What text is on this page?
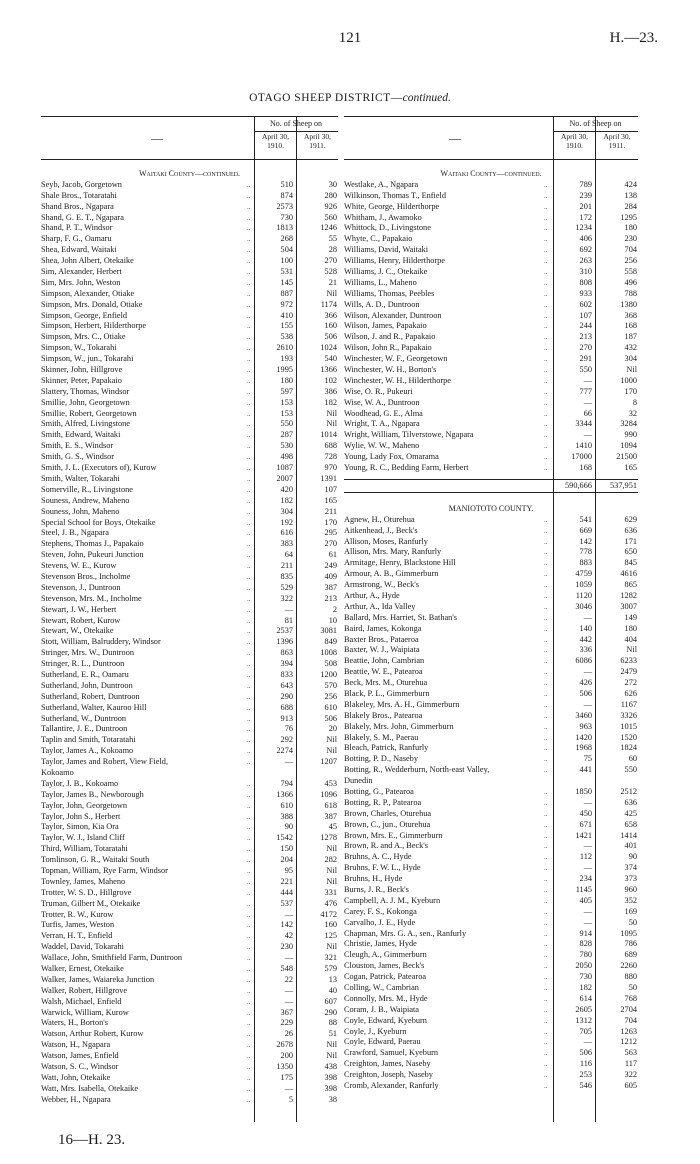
121	H.—23.
OTAGO SHEEP DISTRICT—continued.
—
No. of Sheep on
April 30, 1910.
April 30, 1911.
Waitaki County—continued.
Seyb, Jacob, Gorgetown	..	510	30
Shale Bros., Totaratahi	..	874	280
Shand Bros., Ngapara	..	2573	926
Shand, G. E. T., Ngapara	..	730	560
Shand, P. T., Windsor	..	1813	1246
Sharp, F. G., Oamaru	..	268	55
Shea, Edward, Waitaki	..	504	28
Shea, John Albert, Otekaike	..	100	270
Sim, Alexander, Herbert	..	531	528
Sim, Mrs. John, Weston	..	145	21
Simpson, Alexander, Otiake	..	887	Nil
Simpson, Mrs. Donald, Otiake	..	972	1174
Simpson, George, Enfield	..	410	366
Simpson, Herbert, Hilderthorpe	..	155	160
Simpson, Mrs. C., Otiake	..	538	506
Simpson, W., Tokarahi	..	2610	1024
Simpson, W., jun., Tokarahi	..	193	540
Skinner, John, Hillgrove	..	1995	1366
Skinner, Peter, Papakaio	..	180	102
Slattery, Thomas, Windsor	..	597	386
Smillie, John, Georgetown	..	153	182
Smillie, Robert, Georgetown	..	153	Nil
Smith, Alfred, Livingstone	..	550	Nil
Smith, Edward, Waitaki	..	287	1014
Smith, E. S., Windsor	..	530	688
Smith, G. S., Windsor	..	498	728
Smith, J. L. (Executors of), Kurow	..	1087	970
Smith, Walter, Tokarahi	..	2007	1391
Somerville, R., Livingstone	..	420	107
Souness, Andrew, Maheno	..	182	165
Souness, John, Maheno	..	304	211
Special School for Boys, Otekaike	..	192	170
Steel, J. B., Ngapara	..	616	295
Stephens, Thomas J., Papakaio	..	383	270
Steven, John, Pukeuri Junction	..	64	61
Stevens, W. E., Kurow	..	211	249
Stevenson Bros., Incholme	..	835	409
Stevenson, J., Duntroon	..	529	387
Stevenson, Mrs. M., Incholme	..	322	213
Stewart, J. W., Herbert	..	—	2
Stewart, Robert, Kurow	..	81	10
Stewart, W., Otekaike	..	2537	3081
Stott, William, Balruddery, Windsor	..	1396	849
Stringer, Mrs. W., Duntroon	..	863	1008
Stringer, R. L., Duntroon	..	394	508
Sutherland, E. R., Oamaru	..	833	1200
Sutherland, John, Duntroon	..	643	570
Sutherland, Robert, Duntroon	..	290	256
Sutherland, Walter, Kauroo Hill	..	688	610
Sutherland, W., Duntroon	..	913	506
Tallantire, J. E., Duntroon	..	76	20
Taplin and Smith, Totaratahi	..	292	Nil
Taylor, James A., Kokoamo	..	2274	Nil
Taylor, James and Robert, View Field,	..	—	1207
Kokoamo
Taylor, J. B., Kokoamo	..	794	453
Taylor, James B., Newborough	..	1366	1096
Taylor, John, Georgetown	..	610	618
Taylor, John S., Herbert	..	388	387
Taylor, Simon, Kia Ora	..	90	45
Taylor, W. J., Island Cliff	..	1542	1278
Third, William, Totaratahi	..	150	Nil
Tomlinson, G. R., Waitaki South	..	204	282
Topman, William, Rye Farm, Windsor	..	95	Nil
Townley, James, Maheno	..	221	Nil
Trotter, W. S. D., Hillgrove	..	444	331
Truman, Gilbert M., Otekaike	..	537	476
Trotter, R. W., Kurow	..	—	4172
Turfis, James, Weston	..	142	160
Verran, H. T., Enfield	..	42	125
Waddel, David, Tokarahi	..	230	Nil
Wallace, John, Smithfield Farm, Duntroon	..	—	321
Walker, Ernest, Otekaike	..	548	579
Walker, James, Waiareka Junction	..	22	13
Walker, Robert, Hillgrove	..	—	40
Walsh, Michael, Enfield	..	—	607
Warwick, William, Kurow	..	367	290
Waters, H., Borton's	..	229	88
Watson, Arthur Robert, Kurow	..	26	51
Watson, H., Ngapara	..	2678	Nil
Watson, James, Enfield	..	200	Nil
Watson, S. C., Windsor	..	1350	438
Watt, John, Otekaike	..	175	398
Watt, Mrs. Isabella, Otekaike	..	—	398
Webber, H., Ngapara	..	5	38
—
No. of Sheep on
April 30, 1910.
April 30, 1911.
Waitaki County—continued.
Westlake, A., Ngapara	..	789	424
Wilkinson, Thomas T., Enfield	..	239	138
White, George, Hilderthorpe	..	201	284
Whitham, J., Awamoko	..	172	1295
Whittock, D., Livingstone	..	1234	180
Whyte, C., Papakaio	..	406	230
Williams, David, Waitaki	..	692	704
Williams, Henry, Hilderthorpe	..	263	256
Williams, J. C., Otekaike	..	310	558
Williams, L., Maheno	..	808	496
Williams, Thomas, Peebles	..	933	788
Wills, A. D., Duntroon	..	602	1380
Wilson, Alexander, Duntroon	..	107	368
Wilson, James, Papakaio	..	244	168
Wilson, J. and R., Papakaio	..	213	187
Wilson, John R., Papakaio	..	270	432
Winchester, W. F., Georgetown	..	291	304
Winchester, W. H., Borton's	..	550	Nil
Winchester, W. H., Hilderthorpe	..	—	1000
Wise, O. R., Pukeuri	..	777	170
Wise, W. A., Duntroon	..	—	8
Woodhead, G. E., Alma	..	66	32
Wright, T. A., Ngapara	..	3344	3284
Wright, William, Tilverstowe, Ngapara	..	—	990
Wylie, W. W., Maheno	..	1410	1094
Young, Lady Fox, Omarama	..	17000	21500
Young, R. C., Bedding Farm, Herbert	..	168	165
590,666	537,951
MANIOTOTO COUNTY.
Agnew, H., Oturehua	..	541	629
Aitkenhead, J., Beck's	..	669	636
Allison, Moses, Ranfurly	..	142	171
Allison, Mrs. Mary, Ranfurly	..	778	650
Armitage, Henry, Blackstone Hill	..	883	845
Armour, A. B., Gimmerburn	..	4759	4616
Armstrong, W., Beck's	..	1059	865
Arthur, A., Hyde	..	1120	1282
Arthur, A., Ida Valley	..	3046	3007
Ballard, Mrs. Harriet, St. Bathan's	..	—	149
Baird, James, Kokonga	..	140	180
Baxter Bros., Pataeroa	..	442	404
Baxter, W. J., Waipiata	..	336	Nil
Beattie, John, Cambrian	..	6086	6233
Beattie, W. E., Patearoa	..	—	2479
Beck, Mrs. M., Oturehua	..	426	272
Black, P. L., Gimmerburn	..	506	626
Blakeley, Mrs. A. H., Gimmerburn	..	—	1167
Blakely Bros., Patearoa	..	3460	3326
Blakely, Mrs. John, Gimmerburn	..	963	1015
Blakely, S. M., Paerau	..	1420	1520
Bleach, Patrick, Ranfurly	..	1968	1824
Botting, P. D., Naseby	..	75	60
Botting, R., Wedderburn, North-east Valley,	..	441	550
Dunedin
Botting, G., Patearoa	..	1850	2512
Botting, R. P., Patearoa	..	—	636
Brown, Charles, Oturehua	..	450	425
Brown, C., jun., Oturehua	..	671	658
Brown, Mrs. E., Gimmerburn	..	1421	1414
Brown, R. and A., Beck's	..	—	401
Bruhns, A. C., Hyde	..	112	90
Bruhns, F. W. L., Hyde	..	—	374
Bruhns, H., Hyde	..	234	373
Burns, J. R., Beck's	..	1145	960
Campbell, A. J. M., Kyeburn	..	405	352
Carey, F. S., Kokonga	..	—	169
Carvalho, J. E., Hyde	..	—	50
Chapman, Mrs. G. A., sen., Ranfurly	..	914	1095
Christie, James, Hyde	..	828	786
Cleugh, A., Gimmerburn	..	780	689
Clouston, James, Beck's	..	2050	2260
Cogan, Patrick, Patearoa	..	730	880
Colling, W., Cambrian	..	182	50
Connolly, Mrs. M., Hyde	..	614	768
Coram, J. B., Waipiata	..	2605	2704
Coyle, Edward, Kyeburn	..	1312	704
Coyle, J., Kyeburn	..	705	1263
Coyle, Edward, Paerau	..	—	1212
Crawford, Samuel, Kyeburn	..	506	563
Creighton, James, Naseby	..	116	117
Creighton, Joseph, Naseby	..	253	322
Cromb, Alexander, Ranfurly	..	546	605
16—H. 23.
